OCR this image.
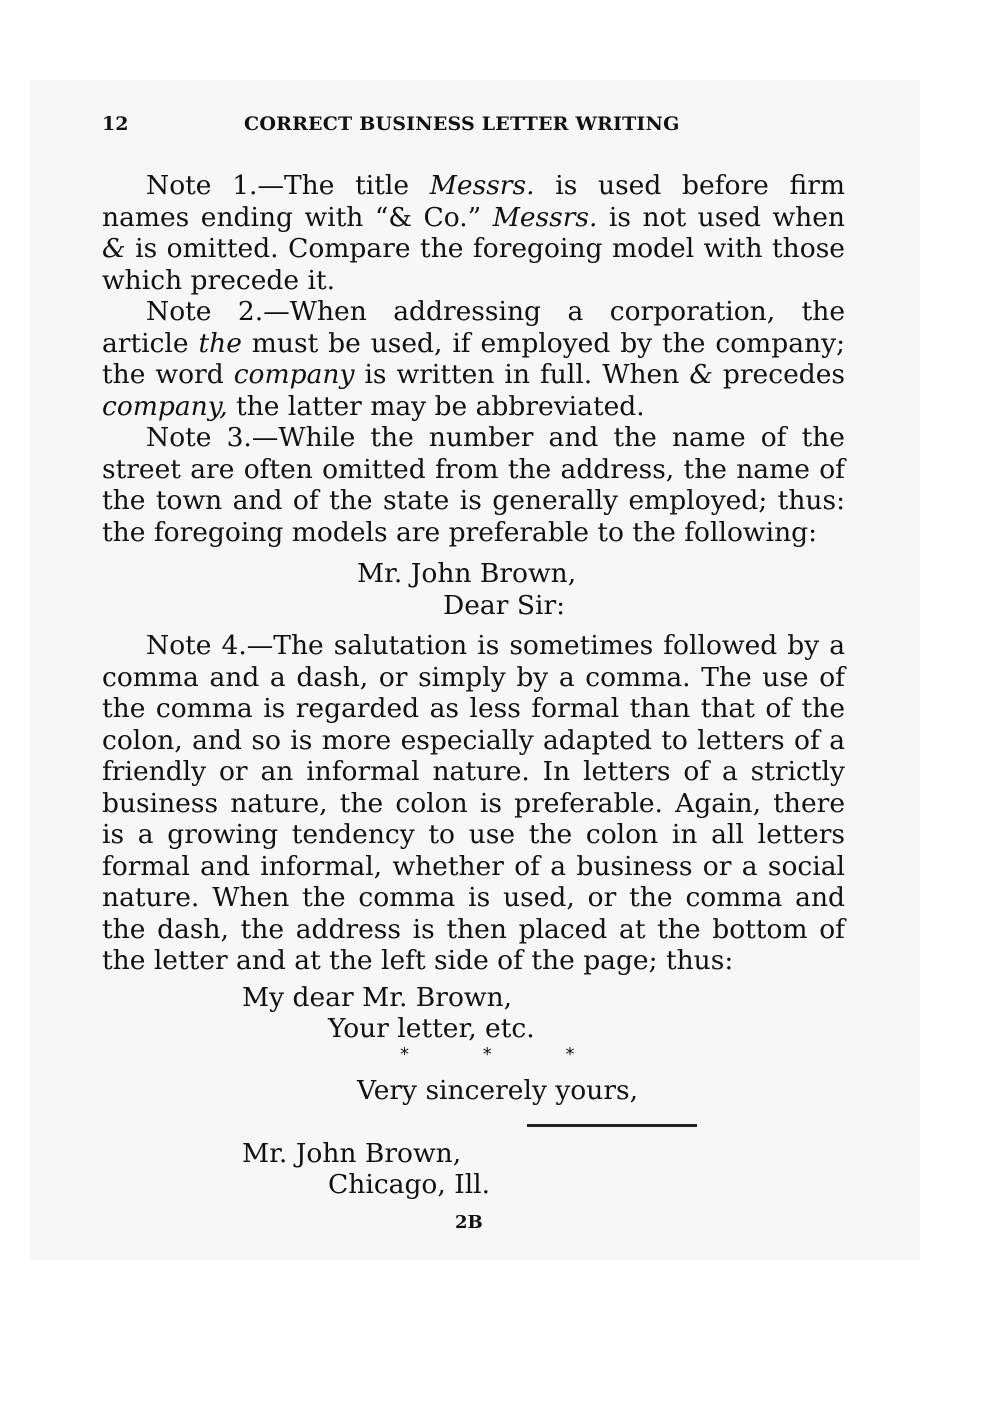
12	CORRECT BUSINESS LETTER WRITING

Note 1.—The title Messrs. is used before firm names ending with “& Co.” Messrs. is not used when & is omitted. Compare the foregoing model with those which precede it.

Note 2.—When addressing a corporation, the article the must be used, if employed by the company; the word company is written in full. When & precedes company, the latter may be abbreviated.

Note 3.—While the number and the name of the street are often omitted from the address, the name of the town and of the state is generally employed; thus: the foregoing models are preferable to the following:

Mr. John Brown,
Dear Sir:

Note 4.—The salutation is sometimes followed by a comma and a dash, or simply by a comma. The use of the comma is regarded as less formal than that of the colon, and so is more especially adapted to letters of a friendly or an informal nature. In letters of a strictly business nature, the colon is preferable. Again, there is a growing tendency to use the colon in all letters formal and informal, whether of a business or a social nature. When the comma is used, or the comma and the dash, the address is then placed at the bottom of the letter and at the left side of the page; thus:

My dear Mr. Brown,
Your letter, etc.
* * *
Very sincerely yours,
Mr. John Brown,
Chicago, Ill.
2B
